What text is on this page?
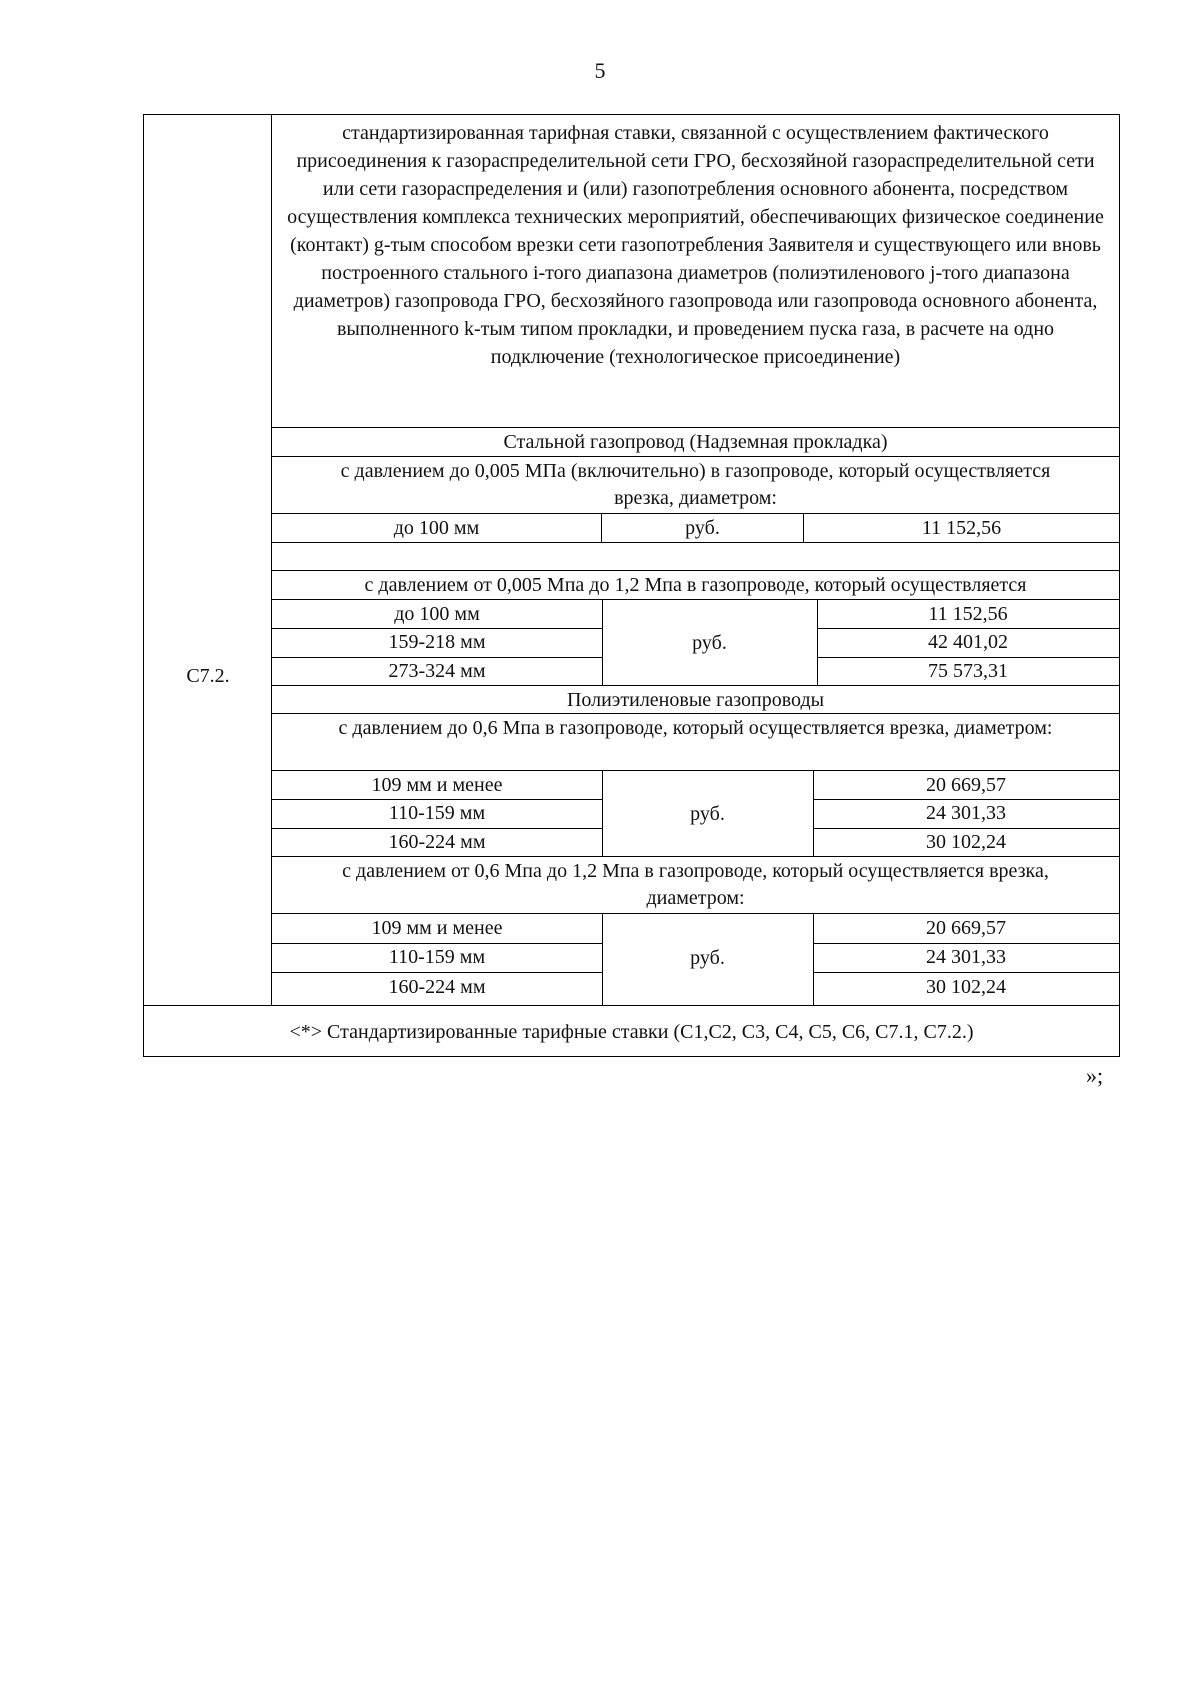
5
С7.2.
стандартизированная тарифная ставки, связанной с осуществлением фактического присоединения к газораспределительной сети ГРО, бесхозяйной газораспределительной сети или сети газораспределения и (или) газопотребления основного абонента, посредством осуществления комплекса технических мероприятий, обеспечивающих физическое соединение (контакт) g-тым способом врезки сети газопотребления Заявителя и существующего или вновь построенного стального i-того диапазона диаметров (полиэтиленового j-того диапазона диаметров) газопровода ГРО, бесхозяйного газопровода или газопровода основного абонента, выполненного k-тым типом прокладки, и проведением пуска газа, в расчете на одно подключение (технологическое присоединение)
Стальной газопровод (Надземная прокладка)
с давлением до 0,005 МПа (включительно) в газопроводе, который осуществляется врезка, диаметром:
до 100 мм	руб.	11 152,56
с давлением от 0,005 Мпа до 1,2 Мпа в газопроводе, который осуществляется
до 100 мм
159-218 мм
273-324 мм
руб.
11 152,56
42 401,02
75 573,31
Полиэтиленовые газопроводы
с давлением до 0,6 Мпа в газопроводе, который осуществляется врезка, диаметром:
109 мм и менее
110-159 мм
160-224 мм
руб.
20 669,57
24 301,33
30 102,24
с давлением от 0,6 Мпа до 1,2 Мпа в газопроводе, который осуществляется врезка, диаметром:
109 мм и менее
110-159 мм
160-224 мм
руб.
20 669,57
24 301,33
30 102,24
<*> Стандартизированные тарифные ставки (С1,С2, С3, С4, С5, С6, С7.1, С7.2.)
»;
